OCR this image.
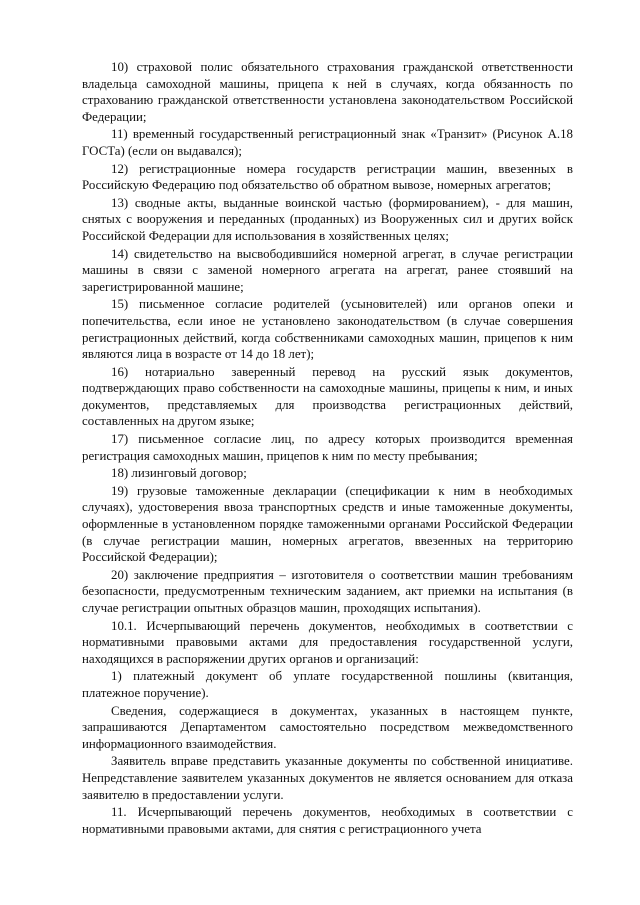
10) страховой полис обязательного страхования гражданской ответственности владельца самоходной машины, прицепа к ней в случаях, когда обязанность по страхованию гражданской ответственности установлена законодательством Российской Федерации;

11) временный государственный регистрационный знак «Транзит» (Рисунок А.18 ГОСТа) (если он выдавался);

12) регистрационные номера государств регистрации машин, ввезенных в Российскую Федерацию под обязательство об обратном вывозе, номерных агрегатов;

13) сводные акты, выданные воинской частью (формированием), - для машин, снятых с вооружения и переданных (проданных) из Вооруженных сил и других войск Российской Федерации для использования в хозяйственных целях;

14) свидетельство на высвободившийся номерной агрегат, в случае регистрации машины в связи с заменой номерного агрегата на агрегат, ранее стоявший на зарегистрированной машине;

15) письменное согласие родителей (усыновителей) или органов опеки и попечительства, если иное не установлено законодательством (в случае совершения регистрационных действий, когда собственниками самоходных машин, прицепов к ним являются лица в возрасте от 14 до 18 лет);

16) нотариально заверенный перевод на русский язык документов, подтверждающих право собственности на самоходные машины, прицепы к ним, и иных документов, представляемых для производства регистрационных действий, составленных на другом языке;

17) письменное согласие лиц, по адресу которых производится временная регистрация самоходных машин, прицепов к ним по месту пребывания;

18) лизинговый договор;

19) грузовые таможенные декларации (спецификации к ним в необходимых случаях), удостоверения ввоза транспортных средств и иные таможенные документы, оформленные в установленном порядке таможенными органами Российской Федерации (в случае регистрации машин, номерных агрегатов, ввезенных на территорию Российской Федерации);

20) заключение предприятия – изготовителя о соответствии машин требованиям безопасности, предусмотренным техническим заданием, акт приемки на испытания (в случае регистрации опытных образцов машин, проходящих испытания).

10.1. Исчерпывающий перечень документов, необходимых в соответствии с нормативными правовыми актами для предоставления государственной услуги, находящихся в распоряжении других органов и организаций:

1) платежный документ об уплате государственной пошлины (квитанция, платежное поручение).

Сведения, содержащиеся в документах, указанных в настоящем пункте, запрашиваются Департаментом самостоятельно посредством межведомственного информационного взаимодействия.

Заявитель вправе представить указанные документы по собственной инициативе. Непредставление заявителем указанных документов не является основанием для отказа заявителю в предоставлении услуги.

11. Исчерпывающий перечень документов, необходимых в соответствии с нормативными правовыми актами, для снятия с регистрационного учета
